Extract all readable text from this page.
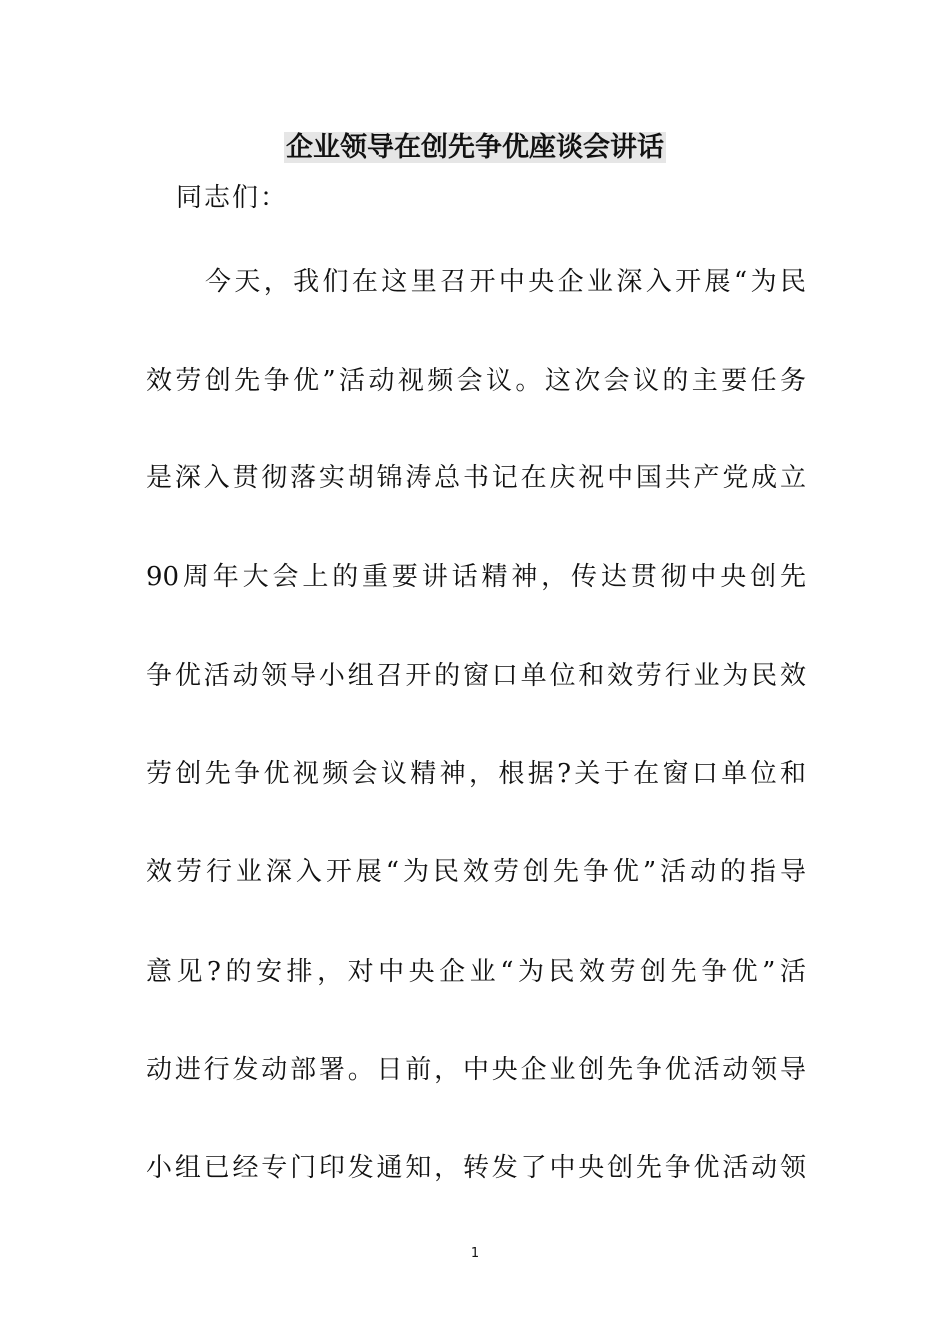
企业领导在创先争优座谈会讲话
同志们：
今天，我们在这里召开中央企业深入开展“为民
效劳创先争优”活动视频会议。这次会议的主要任务
是深入贯彻落实胡锦涛总书记在庆祝中国共产党成立
90周年大会上的重要讲话精神，传达贯彻中央创先
争优活动领导小组召开的窗口单位和效劳行业为民效
劳创先争优视频会议精神，根据?关于在窗口单位和
效劳行业深入开展“为民效劳创先争优”活动的指导
意见?的安排，对中央企业“为民效劳创先争优”活
动进行发动部署。日前，中央企业创先争优活动领导
小组已经专门印发通知，转发了中央创先争优活动领
1
